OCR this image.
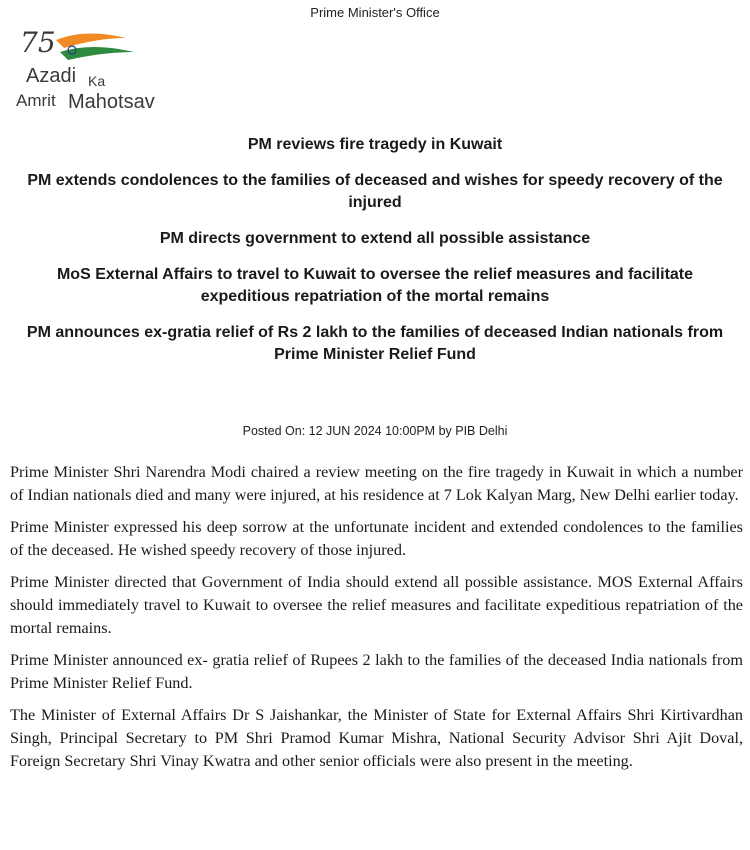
Prime Minister's Office
75
Azadi Ka
Amrit Mahotsav

PM reviews fire tragedy in Kuwait

PM extends condolences to the families of deceased and wishes for speedy recovery of the injured

PM directs government to extend all possible assistance

MoS External Affairs to travel to Kuwait to oversee the relief measures and facilitate expeditious repatriation of the mortal remains

PM announces ex-gratia relief of Rs 2 lakh to the families of deceased Indian nationals from Prime Minister Relief Fund

Posted On: 12 JUN 2024 10:00PM by PIB Delhi

Prime Minister Shri Narendra Modi chaired a review meeting on the fire tragedy in Kuwait in which a number of Indian nationals died and many were injured, at his residence at 7 Lok Kalyan Marg, New Delhi earlier today.

Prime Minister expressed his deep sorrow at the unfortunate incident and extended condolences to the families of the deceased. He wished speedy recovery of those injured.

Prime Minister directed that Government of India should extend all possible assistance. MOS External Affairs should immediately travel to Kuwait to oversee the relief measures and facilitate expeditious repatriation of the mortal remains.

Prime Minister announced ex- gratia relief of Rupees 2 lakh to the families of the deceased India nationals from Prime Minister Relief Fund.

The Minister of External Affairs Dr S Jaishankar, the Minister of State for External Affairs Shri Kirtivardhan Singh, Principal Secretary to PM Shri Pramod Kumar Mishra, National Security Advisor Shri Ajit Doval, Foreign Secretary Shri Vinay Kwatra and other senior officials were also present in the meeting.
